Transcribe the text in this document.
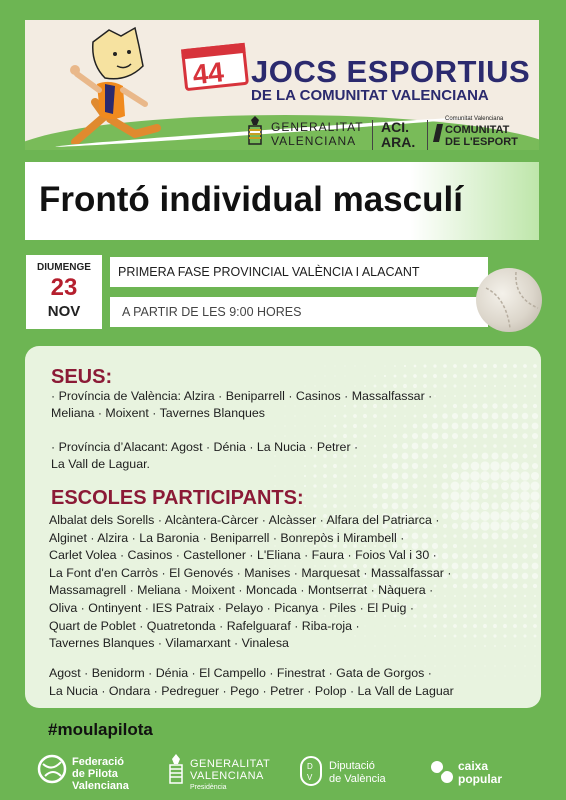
44 JOCS ESPORTIUS
DE LA COMUNITAT VALENCIANA
GENERALITAT
VALENCIANA
ACI.
ARA.
Comunitat Valenciana
COMUNITAT
DE L'ESPORT
Frontó individual masculí
DIUMENGE
23
NOV
PRIMERA FASE PROVINCIAL VALÈNCIA I ALACANT
A PARTIR DE LES 9:00 HORES
SEUS:
· Província de València: Alzira · Beniparrell · Casinos · Massalfassar ·
Meliana · Moixent · Tavernes Blanques
· Província d’Alacant: Agost · Dénia · La Nucia · Petrer ·
La Vall de Laguar.
ESCOLES PARTICIPANTS:
Albalat dels Sorells · Alcàntera-Càrcer · Alcàsser · Alfara del Patriarca ·
Alginet · Alzira · La Baronia · Beniparrell · Bonrepòs i Mirambell ·
Carlet Volea · Casinos · Castelloner · L'Eliana · Faura · Foios Val i 30 ·
La Font d'en Carròs · El Genovés · Manises · Marquesat · Massalfassar ·
Massamagrell · Meliana · Moixent · Moncada · Montserrat · Nàquera ·
Oliva · Ontinyent · IES Patraix · Pelayo · Picanya · Piles · El Puig ·
Quart de Poblet · Quatretonda · Rafelguaraf · Riba-roja ·
Tavernes Blanques · Vilamarxant · Vinalesa
Agost · Benidorm · Dénia · El Campello · Finestrat · Gata de Gorgos ·
La Nucia · Ondara · Pedreguer · Pego · Petrer · Polop · La Vall de Laguar
#moulapilota
Federació
de Pilota
Valenciana
GENERALITAT
VALENCIANA
Presidència
D
V
Diputació
de València
caixa
popular
